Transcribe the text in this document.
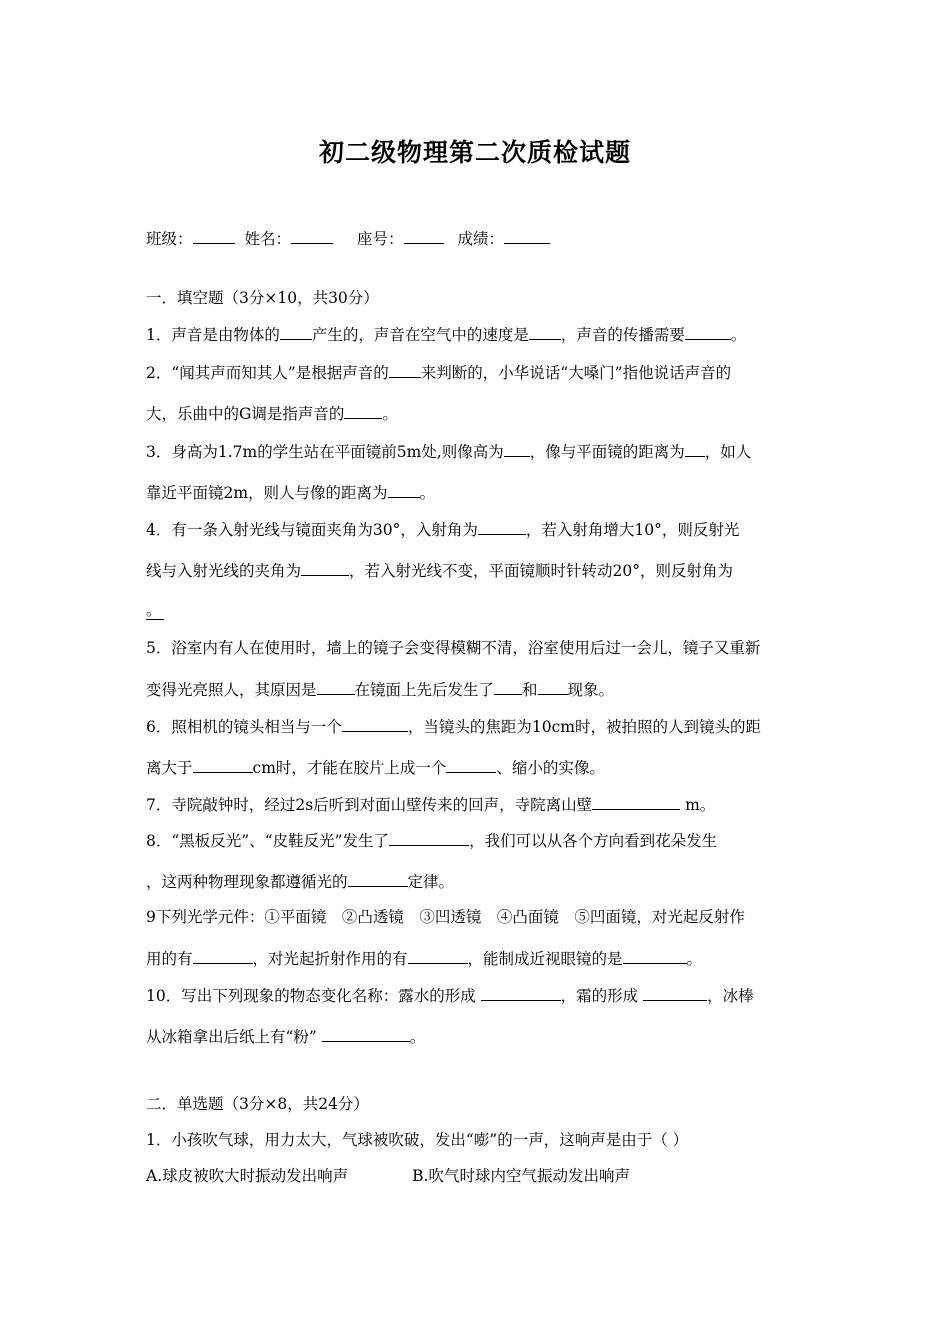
初二级物理第二次质检试题
班级：	姓名：	座号：	成绩：
一．填空题（3分×10，共30分）
1．声音是由物体的 产生的，声音在空气中的速度是 ，声音的传播需要	。
2．“闻其声而知其人”是根据声音的 来判断的，小华说话“大嗓门”指他说话声音的
大，乐曲中的G调是指声音的 。
3．身高为1.7m的学生站在平面镜前5m处,则像高为 ，像与平面镜的距离为 ，如人
靠近平面镜2m，则人与像的距离为 。
4．有一条入射光线与镜面夹角为30°，入射角为	，若入射角增大10°，则反射光
线与入射光线的夹角为	，若入射光线不变，平面镜顺时针转动20°，则反射角为
。
5．浴室内有人在使用时，墙上的镜子会变得模糊不清，浴室使用后过一会儿，镜子又重新
变得光亮照人，其原因是 在镜面上先后发生了 和 现象。
6．照相机的镜头相当与一个	，当镜头的焦距为10cm时，被拍照的人到镜头的距
离大于	cm时，才能在胶片上成一个	、缩小的实像。
7．寺院敲钟时，经过2s后听到对面山壁传来的回声，寺院离山壁	m。
8．“黑板反光”、“皮鞋反光”发生了	，我们可以从各个方向看到花朵发生
，这两种物理现象都遵循光的	定律。
9下列光学元件：①平面镜　②凸透镜　③凹透镜　④凸面镜　⑤凹面镜，对光起反射作
用的有	，对光起折射作用的有	，能制成近视眼镜的是	。
10．写出下列现象的物态变化名称：露水的形成	，霜的形成	，冰棒
从冰箱拿出后纸上有“粉”	。
二．单选题（3分×8，共24分）
1．小孩吹气球，用力太大，气球被吹破，发出“嘭”的一声，这响声是由于（ ）
A.球皮被吹大时振动发出响声	B.吹气时球内空气振动发出响声
